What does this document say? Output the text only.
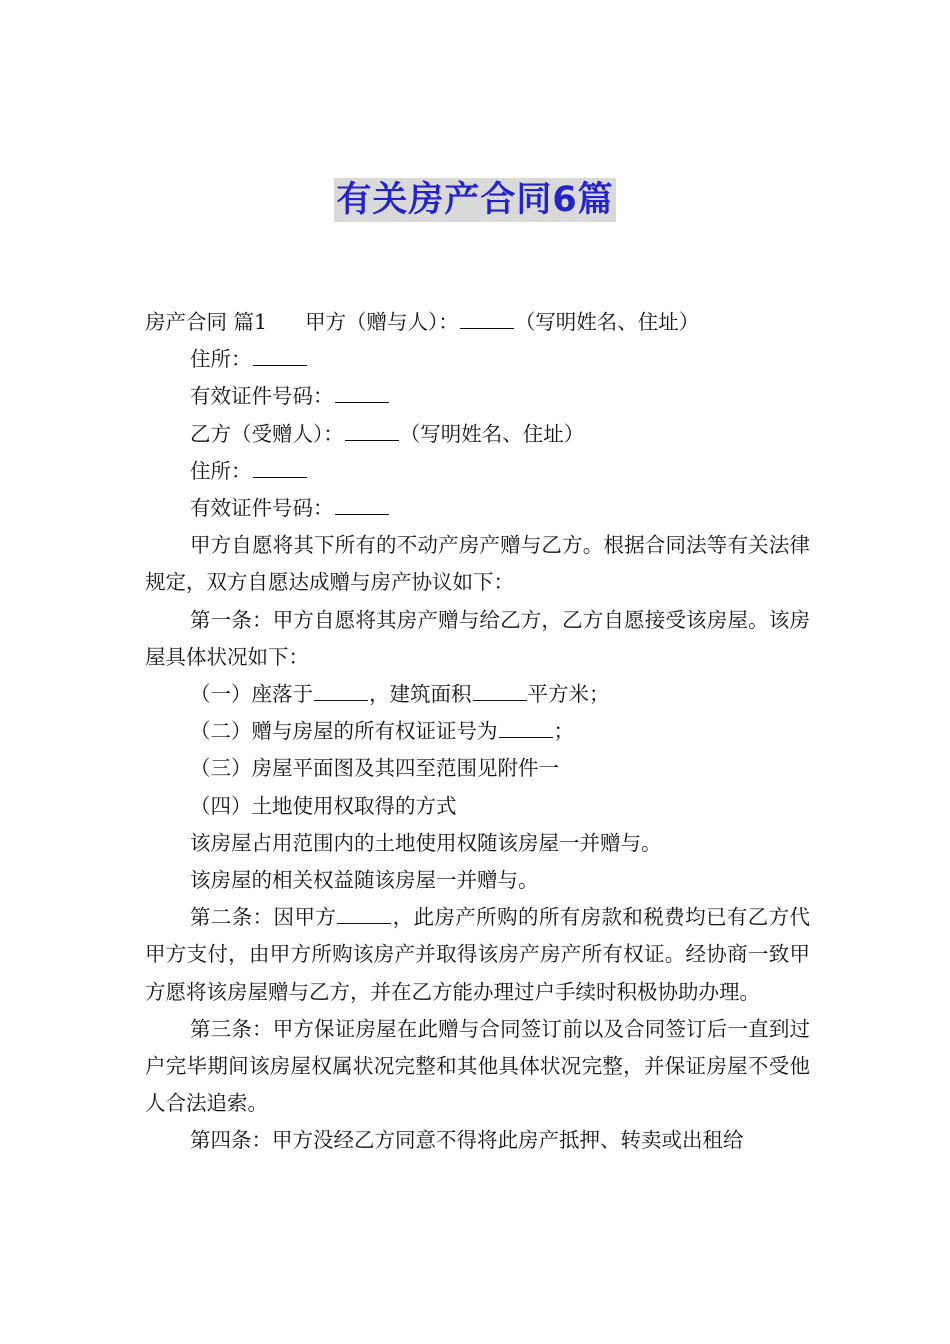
有关房产合同6篇

房产合同 篇1 甲方（赠与人）：	（写明姓名、住址）

住所：

有效证件号码：

乙方（受赠人）：	（写明姓名、住址）

住所：

有效证件号码：

甲方自愿将其下所有的不动产房产赠与乙方。根据合同法等有关法律规定，双方自愿达成赠与房产协议如下：

第一条：甲方自愿将其房产赠与给乙方，乙方自愿接受该房屋。该房屋具体状况如下：

（一）座落于	，建筑面积	平方米；

（二）赠与房屋的所有权证证号为	；

（三）房屋平面图及其四至范围见附件一

（四）土地使用权取得的方式

该房屋占用范围内的土地使用权随该房屋一并赠与。

该房屋的相关权益随该房屋一并赠与。

第二条：因甲方	，此房产所购的所有房款和税费均已有乙方代甲方支付，由甲方所购该房产并取得该房产房产所有权证。经协商一致甲方愿将该房屋赠与乙方，并在乙方能办理过户手续时积极协助办理。

第三条：甲方保证房屋在此赠与合同签订前以及合同签订后一直到过户完毕期间该房屋权属状况完整和其他具体状况完整，并保证房屋不受他人合法追索。

第四条：甲方没经乙方同意不得将此房产抵押、转卖或出租给
